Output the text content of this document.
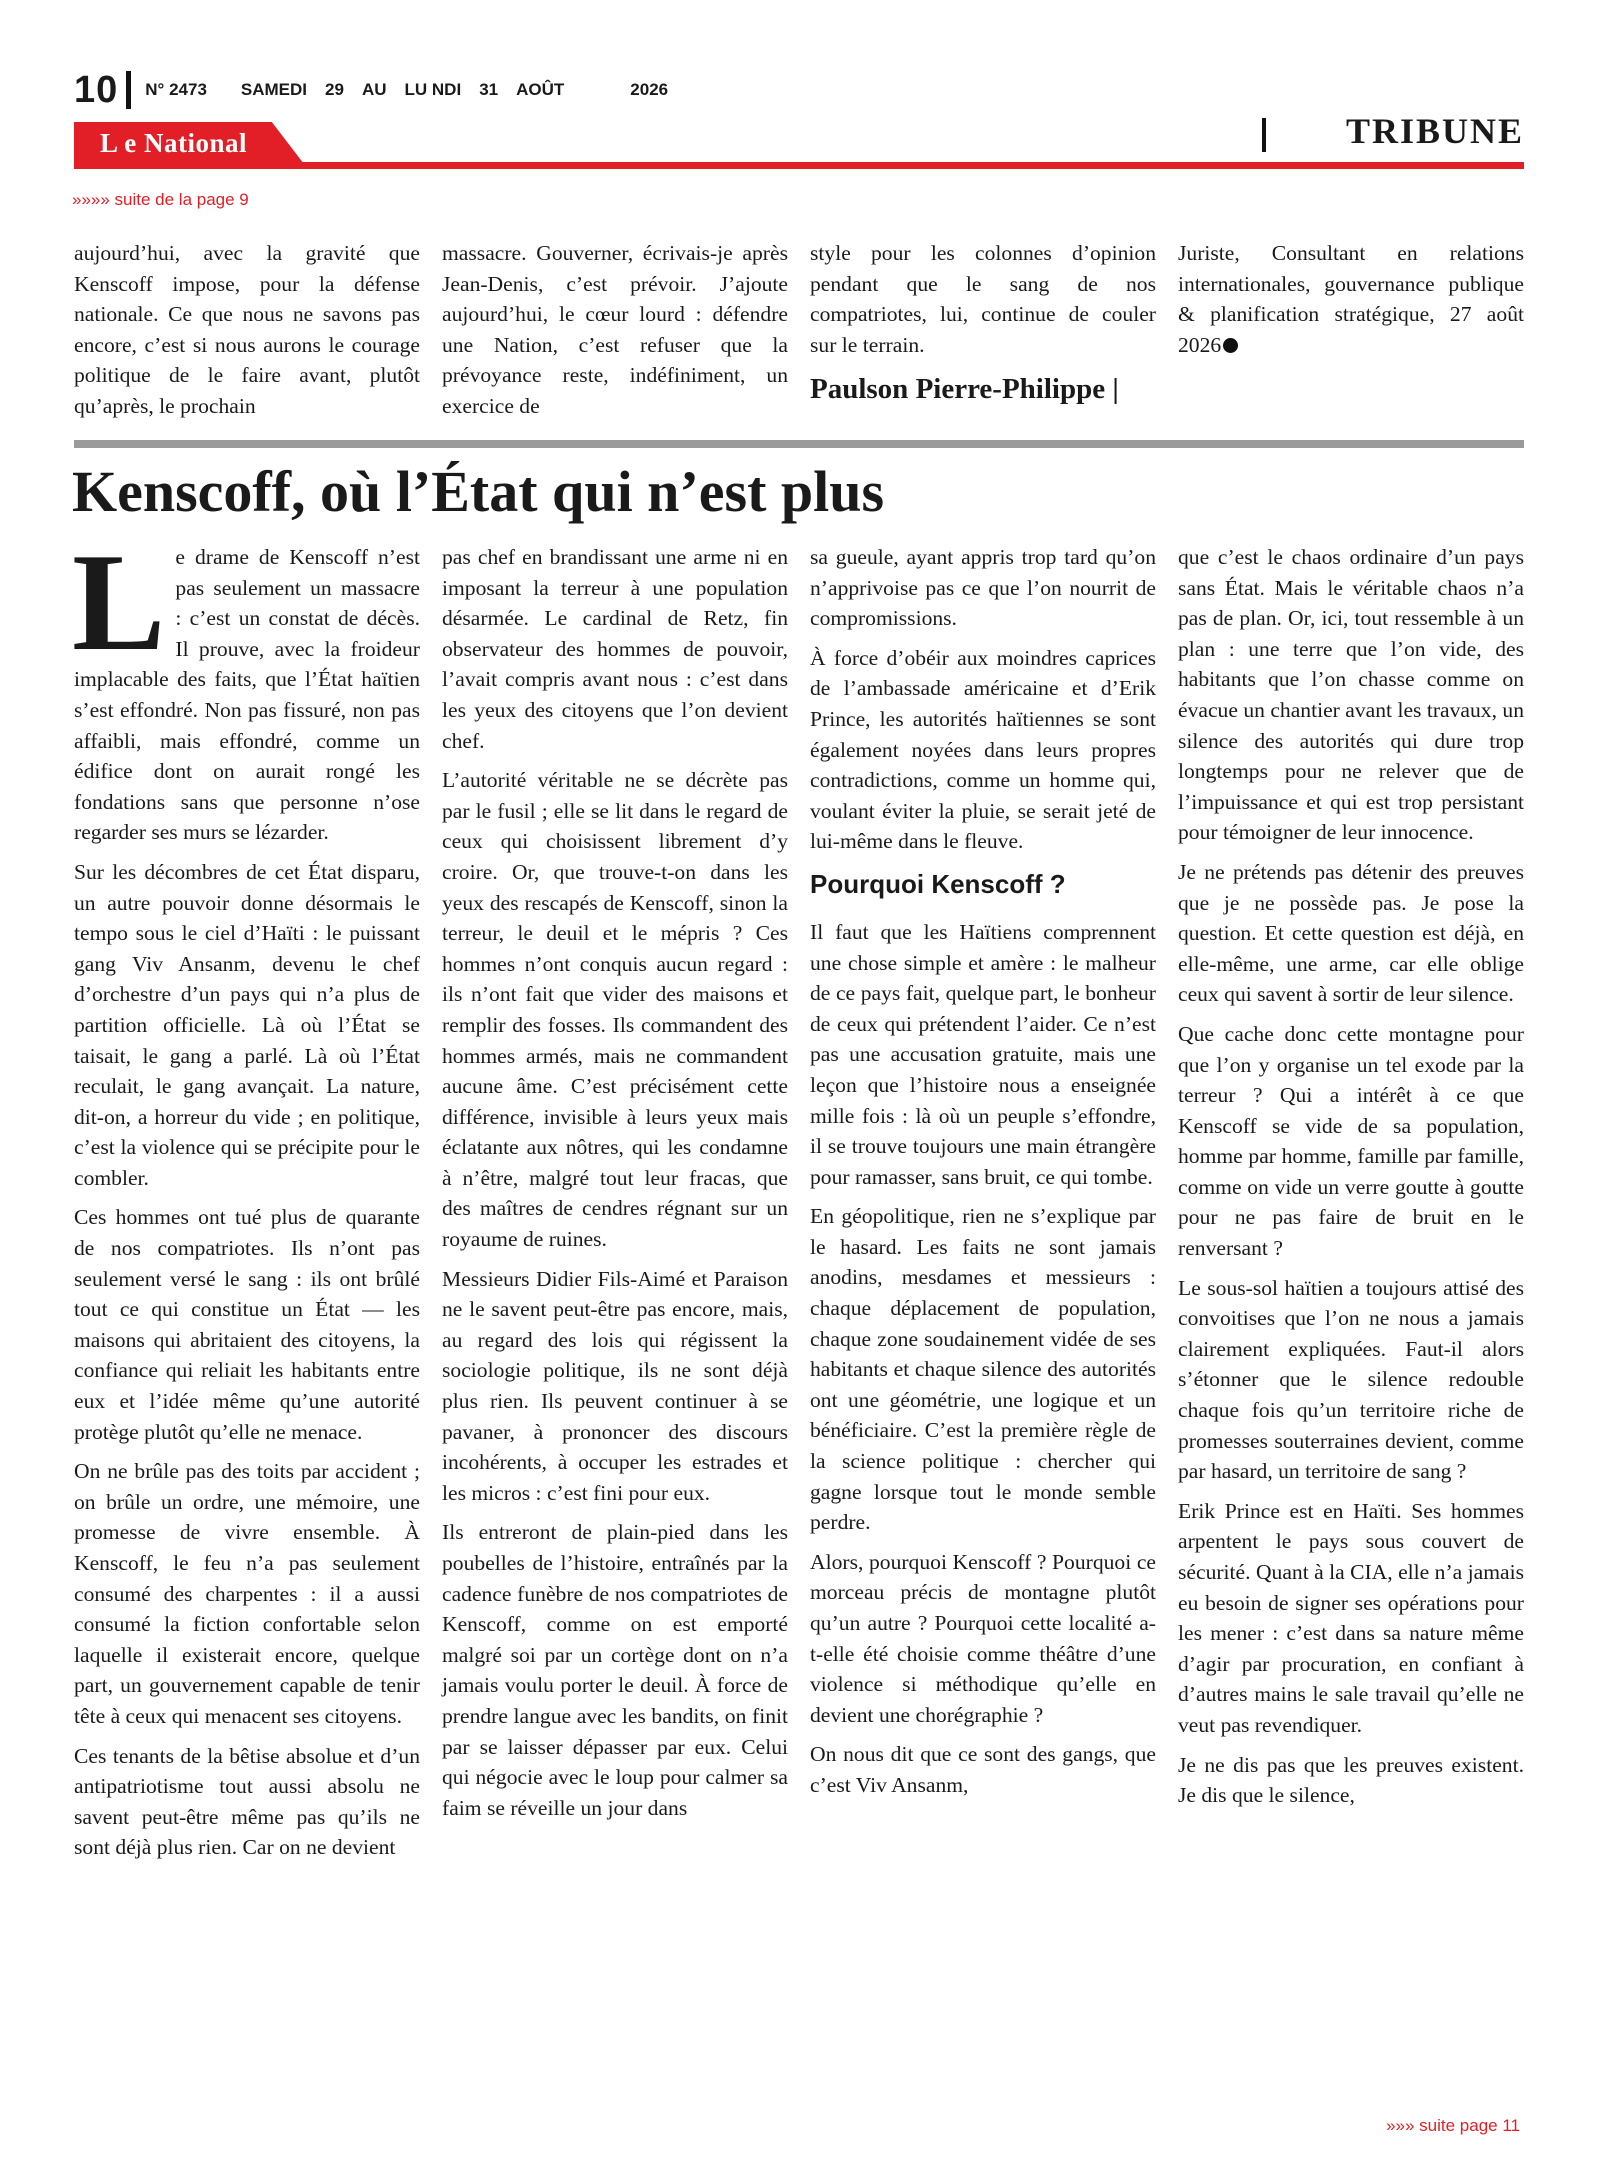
10 N° 2473 SAMEDI 29 AU LU NDI 31 AOÛT	2026
L e National	TRIBUNE
»»»» suite de la page 9

aujourd’hui, avec la gravité que Kenscoff impose, pour la défense nationale. Ce que nous ne savons pas encore, c’est si nous aurons le courage politique de le faire avant, plutôt qu’après, le prochain

massacre. Gouverner, écrivais-je après Jean-Denis, c’est prévoir. J’ajoute aujourd’hui, le cœur lourd : défendre une Nation, c’est refuser que la prévoyance reste, indéfiniment, un exercice de

style pour les colonnes d’opinion pendant que le sang de nos compatriotes, lui, continue de couler sur le terrain.

Paulson Pierre-Philippe |

Juriste, Consultant en relations internationales, gouvernance publique & planification stratégique, 27 août 2026

Kenscoff, où l’État qui n’est plus

Le drame de Kenscoff n’est pas seulement un massacre : c’est un constat de décès. Il prouve, avec la froideur implacable des faits, que l’État haïtien s’est effondré. Non pas fissuré, non pas affaibli, mais effondré, comme un édifice dont on aurait rongé les fondations sans que personne n’ose regarder ses murs se lézarder.

Sur les décombres de cet État disparu, un autre pouvoir donne désormais le tempo sous le ciel d’Haïti : le puissant gang Viv Ansanm, devenu le chef d’orchestre d’un pays qui n’a plus de partition officielle. Là où l’État se taisait, le gang a parlé. Là où l’État reculait, le gang avançait. La nature, dit-on, a horreur du vide ; en politique, c’est la violence qui se précipite pour le combler.

Ces hommes ont tué plus de quarante de nos compatriotes. Ils n’ont pas seulement versé le sang : ils ont brûlé tout ce qui constitue un État — les maisons qui abritaient des citoyens, la confiance qui reliait les habitants entre eux et l’idée même qu’une autorité protège plutôt qu’elle ne menace.

On ne brûle pas des toits par accident ; on brûle un ordre, une mémoire, une promesse de vivre ensemble. À Kenscoff, le feu n’a pas seulement consumé des charpentes : il a aussi consumé la fiction confortable selon laquelle il existerait encore, quelque part, un gouvernement capable de tenir tête à ceux qui menacent ses citoyens.

Ces tenants de la bêtise absolue et d’un antipatriotisme tout aussi absolu ne savent peut-être même pas qu’ils ne sont déjà plus rien. Car on ne devient

pas chef en brandissant une arme ni en imposant la terreur à une population désarmée. Le cardinal de Retz, fin observateur des hommes de pouvoir, l’avait compris avant nous : c’est dans les yeux des citoyens que l’on devient chef.

L’autorité véritable ne se décrète pas par le fusil ; elle se lit dans le regard de ceux qui choisissent librement d’y croire. Or, que trouve-t-on dans les yeux des rescapés de Kenscoff, sinon la terreur, le deuil et le mépris ? Ces hommes n’ont conquis aucun regard : ils n’ont fait que vider des maisons et remplir des fosses. Ils commandent des hommes armés, mais ne commandent aucune âme. C’est précisément cette différence, invisible à leurs yeux mais éclatante aux nôtres, qui les condamne à n’être, malgré tout leur fracas, que des maîtres de cendres régnant sur un royaume de ruines.

Messieurs Didier Fils-Aimé et Paraison ne le savent peut-être pas encore, mais, au regard des lois qui régissent la sociologie politique, ils ne sont déjà plus rien. Ils peuvent continuer à se pavaner, à prononcer des discours incohérents, à occuper les estrades et les micros : c’est fini pour eux.

Ils entreront de plain-pied dans les poubelles de l’histoire, entraînés par la cadence funèbre de nos compatriotes de Kenscoff, comme on est emporté malgré soi par un cortège dont on n’a jamais voulu porter le deuil. À force de prendre langue avec les bandits, on finit par se laisser dépasser par eux. Celui qui négocie avec le loup pour calmer sa faim se réveille un jour dans

sa gueule, ayant appris trop tard qu’on n’apprivoise pas ce que l’on nourrit de compromissions.

À force d’obéir aux moindres caprices de l’ambassade américaine et d’Erik Prince, les autorités haïtiennes se sont également noyées dans leurs propres contradictions, comme un homme qui, voulant éviter la pluie, se serait jeté de lui-même dans le fleuve.

Pourquoi Kenscoff ?

Il faut que les Haïtiens comprennent une chose simple et amère : le malheur de ce pays fait, quelque part, le bonheur de ceux qui prétendent l’aider. Ce n’est pas une accusation gratuite, mais une leçon que l’histoire nous a enseignée mille fois : là où un peuple s’effondre, il se trouve toujours une main étrangère pour ramasser, sans bruit, ce qui tombe.

En géopolitique, rien ne s’explique par le hasard. Les faits ne sont jamais anodins, mesdames et messieurs : chaque déplacement de population, chaque zone soudainement vidée de ses habitants et chaque silence des autorités ont une géométrie, une logique et un bénéficiaire. C’est la première règle de la science politique : chercher qui gagne lorsque tout le monde semble perdre.

Alors, pourquoi Kenscoff ? Pourquoi ce morceau précis de montagne plutôt qu’un autre ? Pourquoi cette localité a-t-elle été choisie comme théâtre d’une violence si méthodique qu’elle en devient une chorégraphie ?

On nous dit que ce sont des gangs, que c’est Viv Ansanm,

que c’est le chaos ordinaire d’un pays sans État. Mais le véritable chaos n’a pas de plan. Or, ici, tout ressemble à un plan : une terre que l’on vide, des habitants que l’on chasse comme on évacue un chantier avant les travaux, un silence des autorités qui dure trop longtemps pour ne relever que de l’impuissance et qui est trop persistant pour témoigner de leur innocence.

Je ne prétends pas détenir des preuves que je ne possède pas. Je pose la question. Et cette question est déjà, en elle-même, une arme, car elle oblige ceux qui savent à sortir de leur silence.

Que cache donc cette montagne pour que l’on y organise un tel exode par la terreur ? Qui a intérêt à ce que Kenscoff se vide de sa population, homme par homme, famille par famille, comme on vide un verre goutte à goutte pour ne pas faire de bruit en le renversant ?

Le sous-sol haïtien a toujours attisé des convoitises que l’on ne nous a jamais clairement expliquées. Faut-il alors s’étonner que le silence redouble chaque fois qu’un territoire riche de promesses souterraines devient, comme par hasard, un territoire de sang ?

Erik Prince est en Haïti. Ses hommes arpentent le pays sous couvert de sécurité. Quant à la CIA, elle n’a jamais eu besoin de signer ses opérations pour les mener : c’est dans sa nature même d’agir par procuration, en confiant à d’autres mains le sale travail qu’elle ne veut pas revendiquer.

Je ne dis pas que les preuves existent. Je dis que le silence,

»»» suite page 11
